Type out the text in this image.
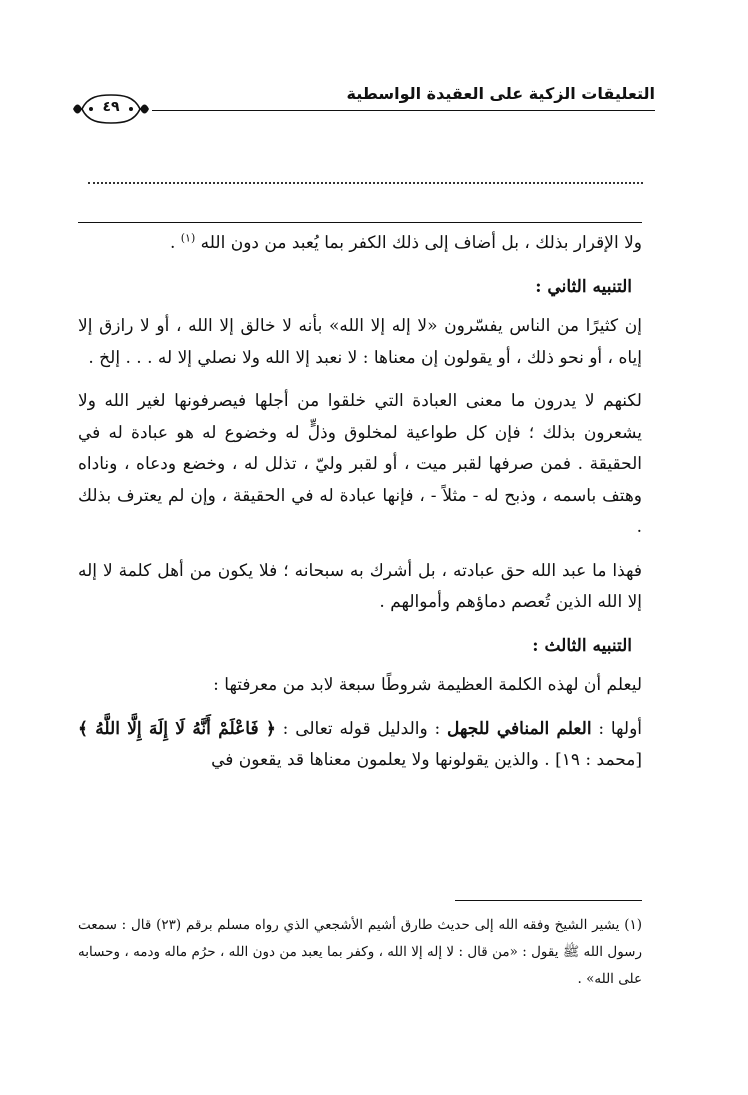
التعليقات الزكية على العقيدة الواسطية
٤٩

ولا الإقرار بذلك ، بل أضاف إلى ذلك الكفر بما يُعبد من دون الله $^{(١)}$ .

التنبيه الثاني :

إن كثيرًا من الناس يفسّرون «لا إله إلا الله» بأنه لا خالق إلا الله ، أو لا رازق إلا إياه ، أو نحو ذلك ، أو يقولون إن معناها : لا نعبد إلا الله ولا نصلي إلا له . . . إلخ .

لكنهم لا يدرون ما معنى العبادة التي خلقوا من أجلها فيصرفونها لغير الله ولا يشعرون بذلك ؛ فإن كل طواعية لمخلوق وذلٍّ له وخضوع له هو عبادة له في الحقيقة . فمن صرفها لقبر ميت ، أو لقبر وليّ ، تذلل له ، وخضع ودعاه ، وناداه وهتف باسمه ، وذبح له - مثلاً - ، فإنها عبادة له في الحقيقة ، وإن لم يعترف بذلك .

فهذا ما عبد الله حق عبادته ، بل أشرك به سبحانه ؛ فلا يكون من أهل كلمة لا إله إلا الله الذين تُعصم دماؤهم وأموالهم .

التنبيه الثالث :

ليعلم أن لهذه الكلمة العظيمة شروطًا سبعة لابد من معرفتها :

أولها : العلم المنافي للجهل : والدليل قوله تعالى : ﴿ فَاعْلَمْ أَنَّهُ لَا إِلَهَ إِلَّا اللَّهُ ﴾ [محمد : ١٩] . والذين يقولونها ولا يعلمون معناها قد يقعون في

(١) يشير الشيخ وفقه الله إلى حديث طارق أشيم الأشجعي الذي رواه مسلم برقم (٢٣) قال : سمعت رسول الله ﷺ يقول : «من قال : لا إله إلا الله ، وكفر بما يعبد من دون الله ، حرُم ماله ودمه ، وحسابه على الله» .
